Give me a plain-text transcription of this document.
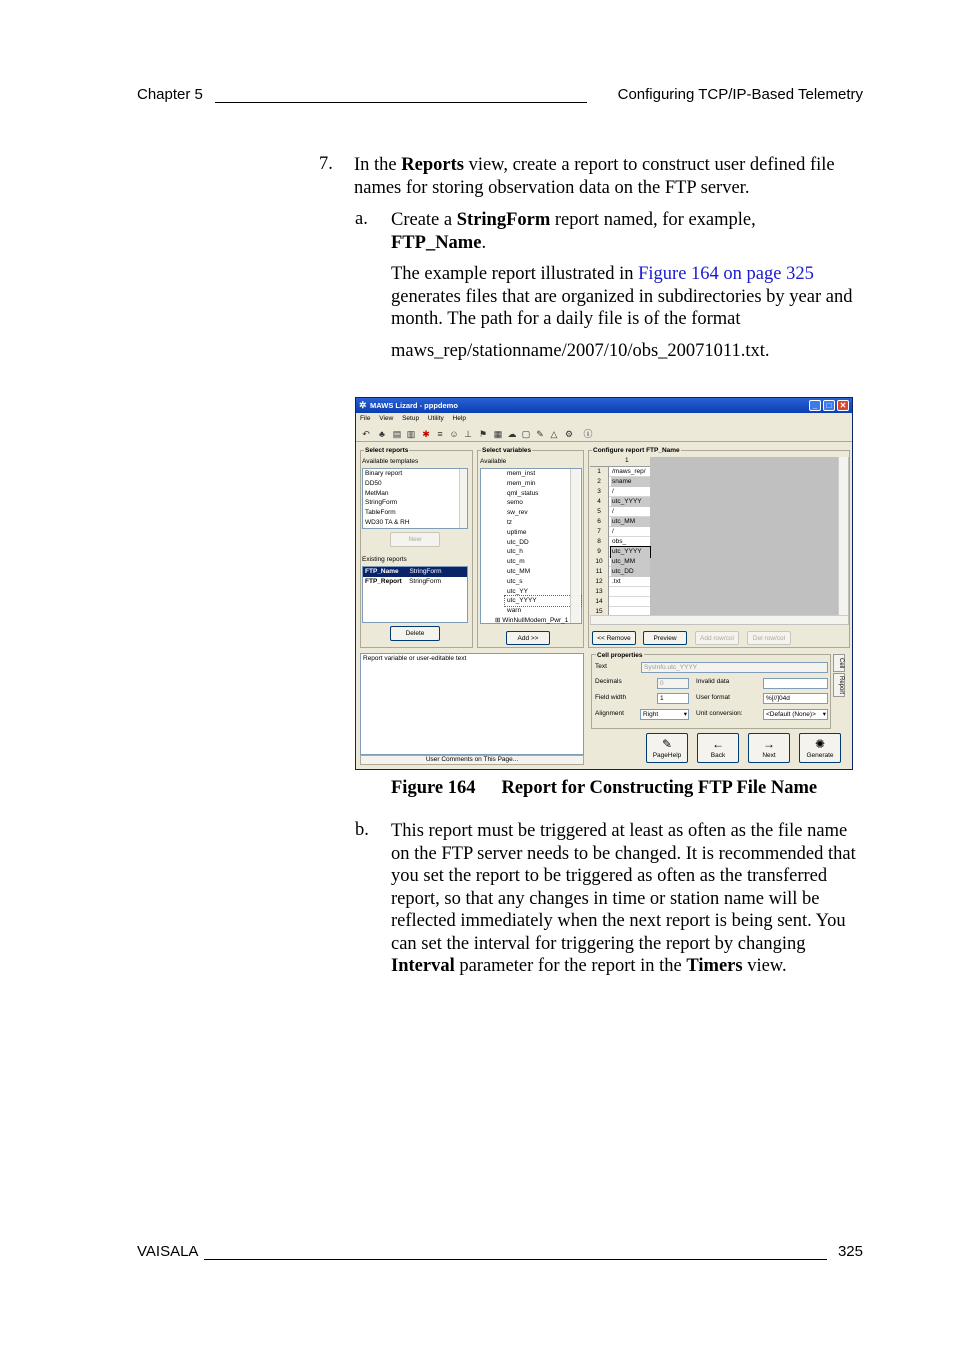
Chapter 5	Configuring TCP/IP-Based Telemetry
7. In the Reports view, create a report to construct user defined file
names for storing observation data on the FTP server.
a. Create a StringForm report named, for example,
FTP_Name.
The example report illustrated in Figure 164 on page 325
generates files that are organized in subdirectories by year and
month. The path for a daily file is of the format
maws_rep/stationname/2007/10/obs_20071011.txt.
✲ MAWS Lizard - pppdemo	_	□	✕
File View Setup Utility Help
↶	♣ ▤ ▥ ✱ ≡ ☺ ⊥ ⚑ ▦ ☁ ▢ ✎ △ ⚙ ⓘ
Select reports
Available templates
Binary report
DD50
MetMan
StringForm
TableForm
WD30 TA & RH
New
Existing reports
FTP_Name StringForm
FTP_Report StringForm
Delete
Select variables
Available
mem_inst
mem_min
qml_status
semo
sw_rev
tz
uptime
utc_DD
utc_h
utc_m
utc_MM
utc_s
utc_YY
utc_YYYY
warn
⊞ WinNullModem_Pwr_1
Add >>
Configure report FTP_Name
1
1	/maws_rep/
2	sname
3	/
4	utc_YYYY
5	/
6	utc_MM
7	/
8	obs_
9	utc_YYYY
10	utc_MM
11	utc_DD
12	.txt
13
14
15
<< Remove	Preview	Add row/col	Del row/col
Report variable or user-editable text
User Comments on This Page...
Cell properties
Text	SysInfo.utc_YYYY
Decimals	0	Invalid data
Field width	1	User format	%[//]04d
Alignment	Right	▾ Unit conversion:	<Default (None)> ▾
Cell
Report
✎
PageHelp
←
Back
→
Next
✺
Generate
Figure 164 Report for Constructing FTP File Name
b. This report must be triggered at least as often as the file name
on the FTP server needs to be changed. It is recommended that
you set the report to be triggered as often as the transferred
report, so that any changes in time or station name will be
reflected immediately when the next report is being sent. You
can set the interval for triggering the report by changing
Interval parameter for the report in the Timers view.
VAISALA	325
